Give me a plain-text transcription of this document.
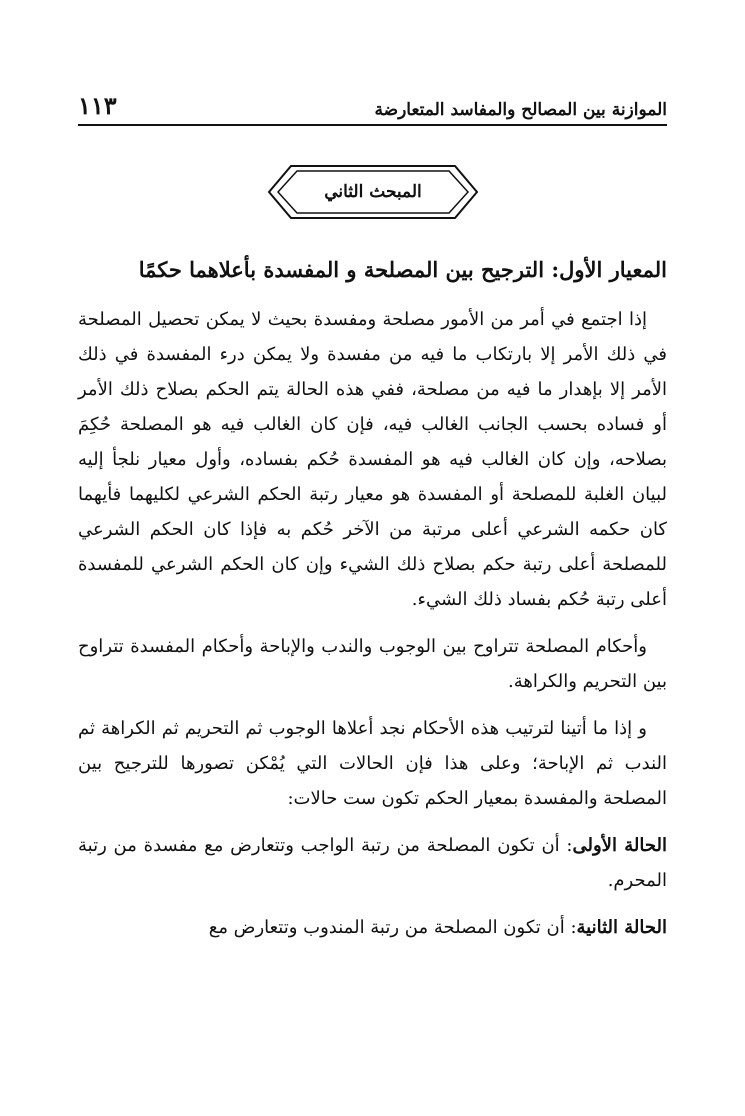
١١٣	الموازنة بين المصالح والمفاسد المتعارضة
المبحث الثاني
المعيار الأول: الترجيح بين المصلحة و المفسدة بأعلاهما حكمًا

إذا اجتمع في أمر من الأمور مصلحة ومفسدة بحيث لا يمكن تحصيل المصلحة في ذلك الأمر إلا بارتكاب ما فيه من مفسدة ولا يمكن درء المفسدة في ذلك الأمر إلا بإهدار ما فيه من مصلحة، ففي هذه الحالة يتم الحكم بصلاح ذلك الأمر أو فساده بحسب الجانب الغالب فيه، فإن كان الغالب فيه هو المصلحة حُكِمَ بصلاحه، وإن كان الغالب فيه هو المفسدة حُكم بفساده، وأول معيار نلجأ إليه لبيان الغلبة للمصلحة أو المفسدة هو معيار رتبة الحكم الشرعي لكليهما فأيهما كان حكمه الشرعي أعلى مرتبة من الآخر حُكم به فإذا كان الحكم الشرعي للمصلحة أعلى رتبة حكم بصلاح ذلك الشيء وإن كان الحكم الشرعي للمفسدة أعلى رتبة حُكم بفساد ذلك الشيء.

وأحكام المصلحة تتراوح بين الوجوب والندب والإباحة وأحكام المفسدة تتراوح بين التحريم والكراهة.

و إذا ما أتينا لترتيب هذه الأحكام نجد أعلاها الوجوب ثم التحريم ثم الكراهة ثم الندب ثم الإباحة؛ وعلى هذا فإن الحالات التي يُمْكن تصورها للترجيح بين المصلحة والمفسدة بمعيار الحكم تكون ست حالات:

الحالة الأولى: أن تكون المصلحة من رتبة الواجب وتتعارض مع مفسدة من رتبة المحرم.

الحالة الثانية: أن تكون المصلحة من رتبة المندوب وتتعارض مع
